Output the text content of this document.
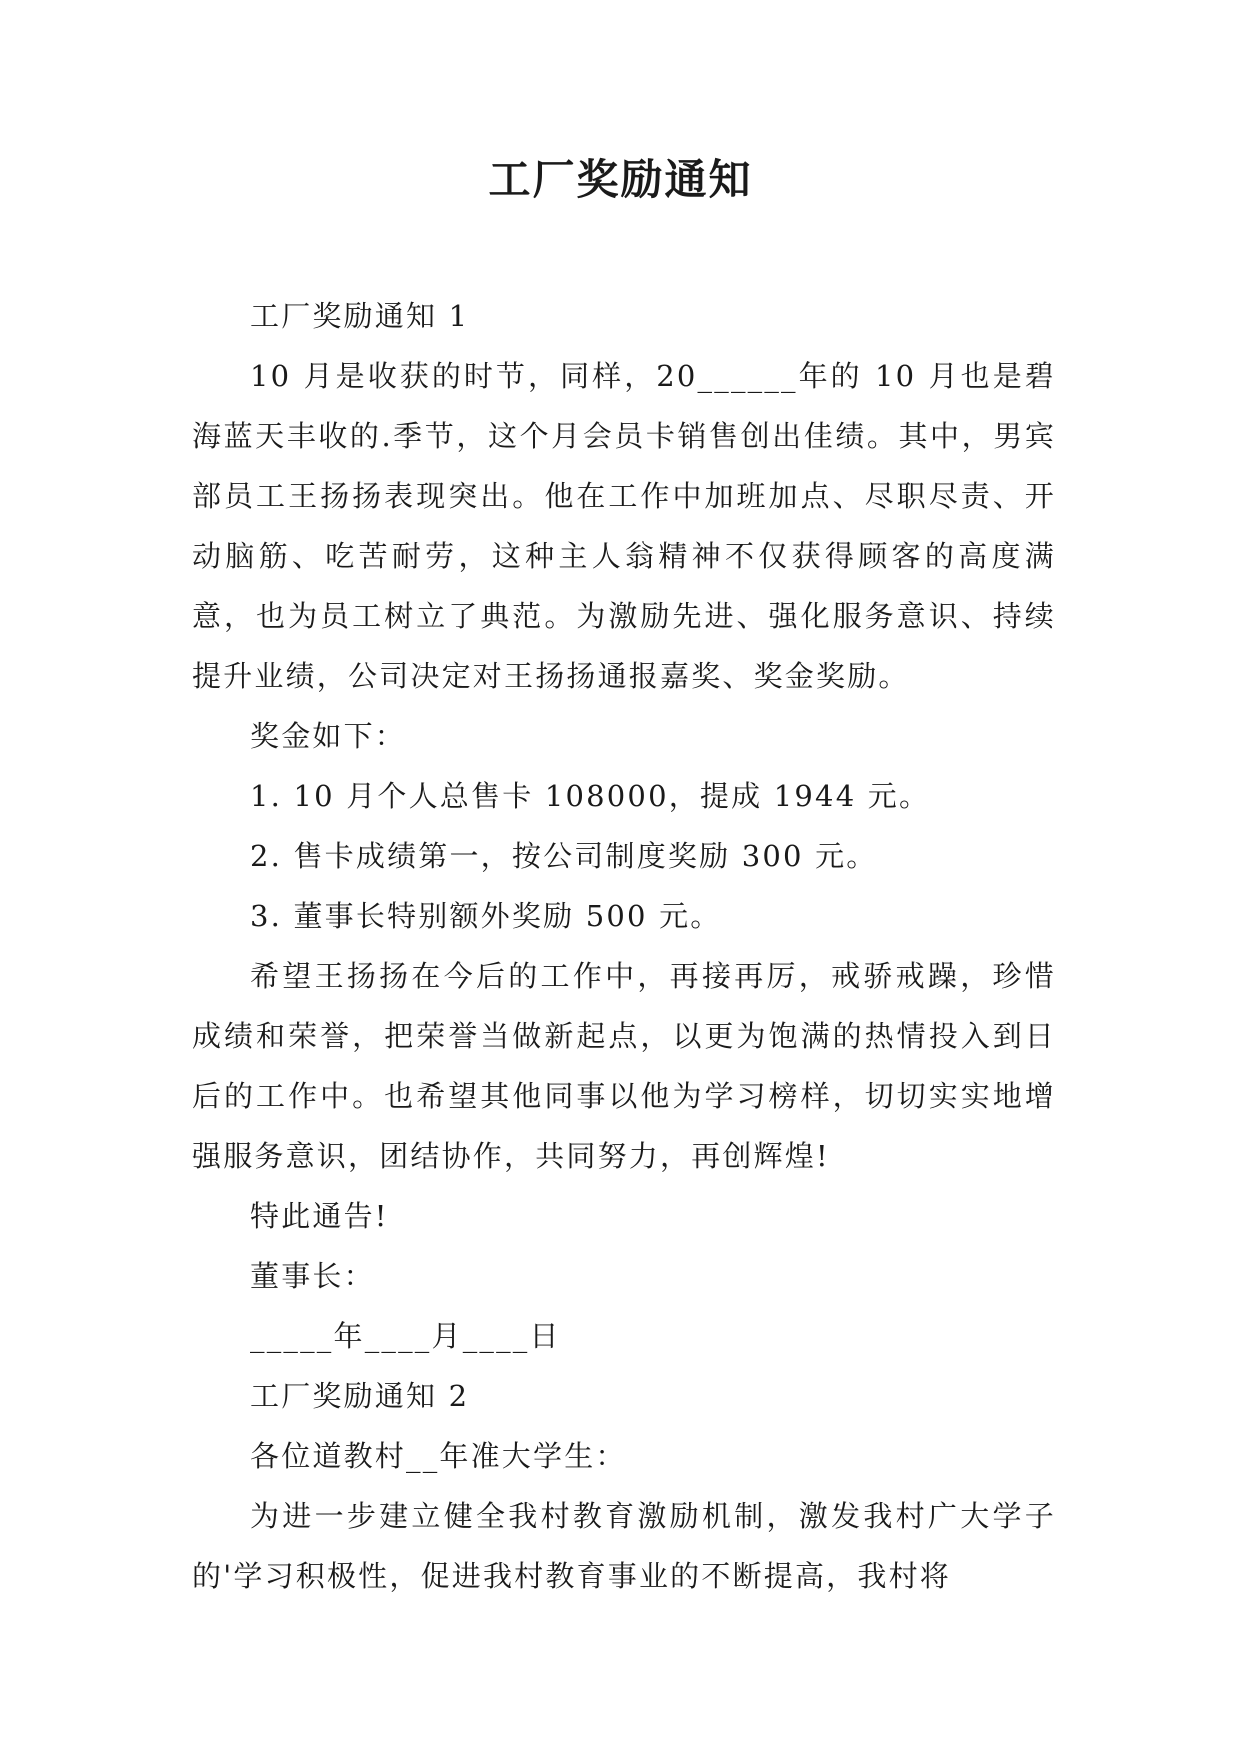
工厂奖励通知

工厂奖励通知 1

10 月是收获的时节，同样，20______年的 10 月也是碧海蓝天丰收的.季节，这个月会员卡销售创出佳绩。其中，男宾部员工王扬扬表现突出。他在工作中加班加点、尽职尽责、开动脑筋、吃苦耐劳，这种主人翁精神不仅获得顾客的高度满意，也为员工树立了典范。为激励先进、强化服务意识、持续提升业绩，公司决定对王扬扬通报嘉奖、奖金奖励。

奖金如下：

1. 10 月个人总售卡 108000，提成 1944 元。

2. 售卡成绩第一，按公司制度奖励 300 元。

3. 董事长特别额外奖励 500 元。

希望王扬扬在今后的工作中，再接再厉，戒骄戒躁，珍惜成绩和荣誉，把荣誉当做新起点，以更为饱满的热情投入到日后的工作中。也希望其他同事以他为学习榜样，切切实实地增强服务意识，团结协作，共同努力，再创辉煌!

特此通告!

董事长：

_____年____月____日

工厂奖励通知 2

各位道教村__年准大学生：

为进一步建立健全我村教育激励机制，激发我村广大学子的'学习积极性，促进我村教育事业的不断提高，我村将
